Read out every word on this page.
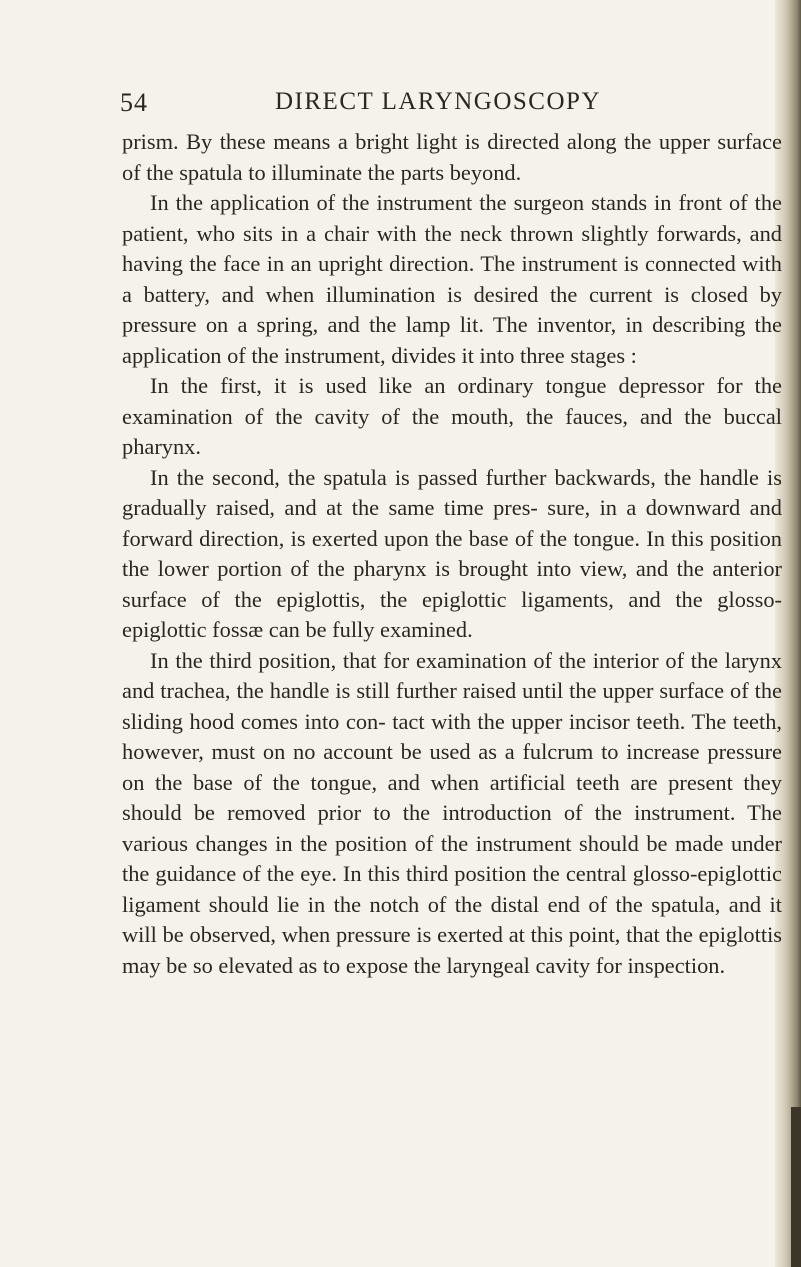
54	DIRECT LARYNGOSCOPY

prism. By these means a bright light is directed along the upper surface of the spatula to illuminate the parts beyond.

In the application of the instrument the surgeon stands in front of the patient, who sits in a chair with the neck thrown slightly forwards, and having the face in an upright direction. The instrument is connected with a battery, and when illumination is desired the current is closed by pressure on a spring, and the lamp lit. The inventor, in describing the application of the instrument, divides it into three stages :

In the first, it is used like an ordinary tongue depressor for the examination of the cavity of the mouth, the fauces, and the buccal pharynx.

In the second, the spatula is passed further backwards, the handle is gradually raised, and at the same time pres- sure, in a downward and forward direction, is exerted upon the base of the tongue. In this position the lower portion of the pharynx is brought into view, and the anterior surface of the epiglottis, the epiglottic ligaments, and the glosso-epiglottic fossæ can be fully examined.

In the third position, that for examination of the interior of the larynx and trachea, the handle is still further raised until the upper surface of the sliding hood comes into con- tact with the upper incisor teeth. The teeth, however, must on no account be used as a fulcrum to increase pressure on the base of the tongue, and when artificial teeth are present they should be removed prior to the introduction of the instrument. The various changes in the position of the instrument should be made under the guidance of the eye. In this third position the central glosso-epiglottic ligament should lie in the notch of the distal end of the spatula, and it will be observed, when pressure is exerted at this point, that the epiglottis may be so elevated as to expose the laryngeal cavity for inspection.
